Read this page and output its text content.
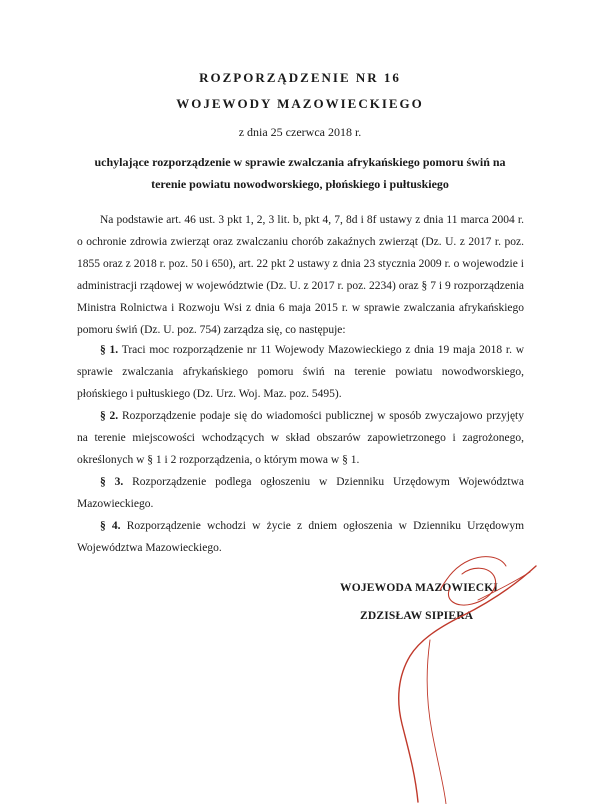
ROZPORZĄDZENIE NR 16
WOJEWODY MAZOWIECKIEGO
z dnia 25 czerwca 2018 r.
uchylające rozporządzenie w sprawie zwalczania afrykańskiego pomoru świń na terenie powiatu nowodworskiego, płońskiego i pułtuskiego

Na podstawie art. 46 ust. 3 pkt 1, 2, 3 lit. b, pkt 4, 7, 8d i 8f ustawy z dnia 11 marca 2004 r. o ochronie zdrowia zwierząt oraz zwalczaniu chorób zakaźnych zwierząt (Dz. U. z 2017 r. poz. 1855 oraz z 2018 r. poz. 50 i 650), art. 22 pkt 2 ustawy z dnia 23 stycznia 2009 r. o wojewodzie i administracji rządowej w województwie (Dz. U. z 2017 r. poz. 2234) oraz § 7 i 9 rozporządzenia Ministra Rolnictwa i Rozwoju Wsi z dnia 6 maja 2015 r. w sprawie zwalczania afrykańskiego pomoru świń (Dz. U. poz. 754) zarządza się, co następuje:

§ 1. Traci moc rozporządzenie nr 11 Wojewody Mazowieckiego z dnia 19 maja 2018 r. w sprawie zwalczania afrykańskiego pomoru świń na terenie powiatu nowodworskiego, płońskiego i pułtuskiego (Dz. Urz. Woj. Maz. poz. 5495).

§ 2. Rozporządzenie podaje się do wiadomości publicznej w sposób zwyczajowo przyjęty na terenie miejscowości wchodzących w skład obszarów zapowietrzonego i zagrożonego, określonych w § 1 i 2 rozporządzenia, o którym mowa w § 1.

§ 3. Rozporządzenie podlega ogłoszeniu w Dzienniku Urzędowym Województwa Mazowieckiego.

§ 4. Rozporządzenie wchodzi w życie z dniem ogłoszenia w Dzienniku Urzędowym Województwa Mazowieckiego.

WOJEWODA MAZOWIECKI
ZDZISŁAW SIPIERA
